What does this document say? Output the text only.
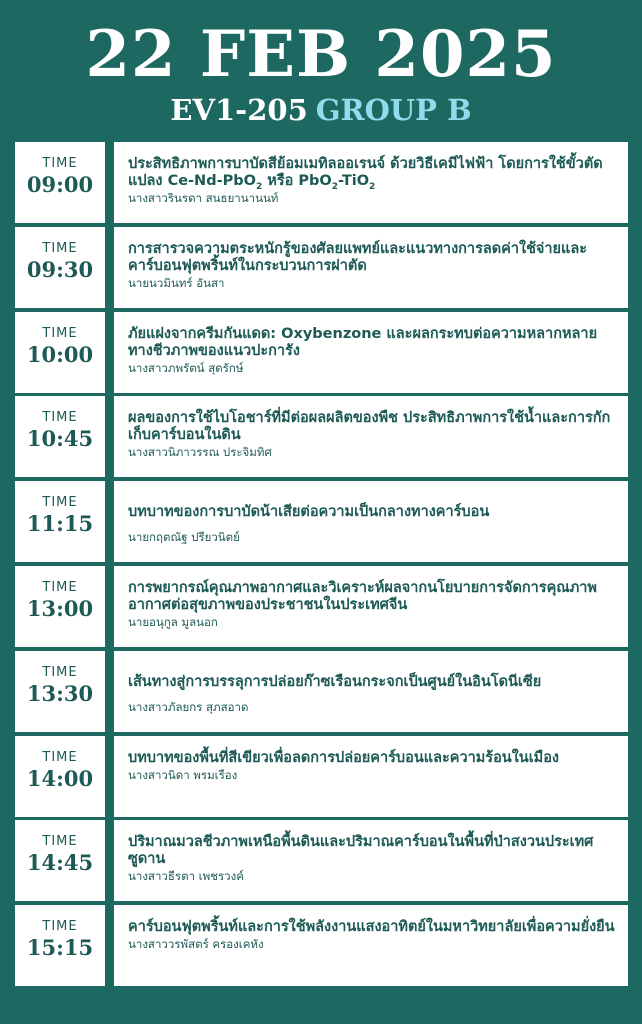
22 FEB 2025
EV1-205 GROUP B
TIME
09:00
ประสิทธิภาพการบาบัดสีย้อมเมทิลออเรนจ์ ด้วยวิธีเคมีไฟฟ้า โดยการใช้ขั้วตัดแปลง Ce-Nd-PbO$_2$ หรือ PbO$_2$-TiO$_2$
นางสาวรินรดา สนธยานานนท์
TIME
09:30
การสารวจความตระหนักรู้ของศัลยแพทย์และแนวทางการลดค่าใช้จ่ายและคาร์บอนฟุตพริ้นท์ในกระบวนการผ่าตัด
นายนวมินทร์ อันสา
TIME
10:00
ภัยแฝงจากครีมกันแดด: Oxybenzone และผลกระทบต่อความหลากหลายทางชีวภาพของแนวปะการัง
นางสาวภพรัตน์ สุดรักษ์
TIME
10:45
ผลของการใช้ไบโอชาร์ที่มีต่อผลผลิตของพืช ประสิทธิภาพการใช้น้ำและการกักเก็บคาร์บอนในดิน
นางสาวนิภาวรรณ ประจิมทิศ
TIME
11:15	บทบาทของการบาบัดน้าเสียต่อความเป็นกลางทางคาร์บอน
นายกฤตณัฐ ปรียวนิตย์
TIME
13:00
การพยากรณ์คุณภาพอากาศและวิเคราะห์ผลจากนโยบายการจัดการคุณภาพอากาศต่อสุขภาพของประชาชนในประเทศจีน
นายอนุกูล มูลนอก
TIME
13:30	เส้นทางสู่การบรรลุการปล่อยก๊าซเรือนกระจกเป็นศูนย์ในอินโดนีเซีย
นางสาวภัลยกร สุภสอาด
TIME
14:00
บทบาทของพื้นที่สีเขียวเพื่อลดการปล่อยคาร์บอนและความร้อนในเมือง
นางสาวนิดา พรมเรือง
TIME
14:45
ปริมาณมวลชีวภาพเหนือพื้นดินและปริมาณคาร์บอนในพื้นที่ป่าสงวนประเทศซูดาน
นางสาวธีรตา เพชรวงค์
TIME
15:15
คาร์บอนฟุตพริ้นท์และการใช้พลังงานแสงอาทิตย์ในมหาวิทยาลัยเพื่อความยั่งยืน
นางสาววรพัสตร์ ครองเคหัง
